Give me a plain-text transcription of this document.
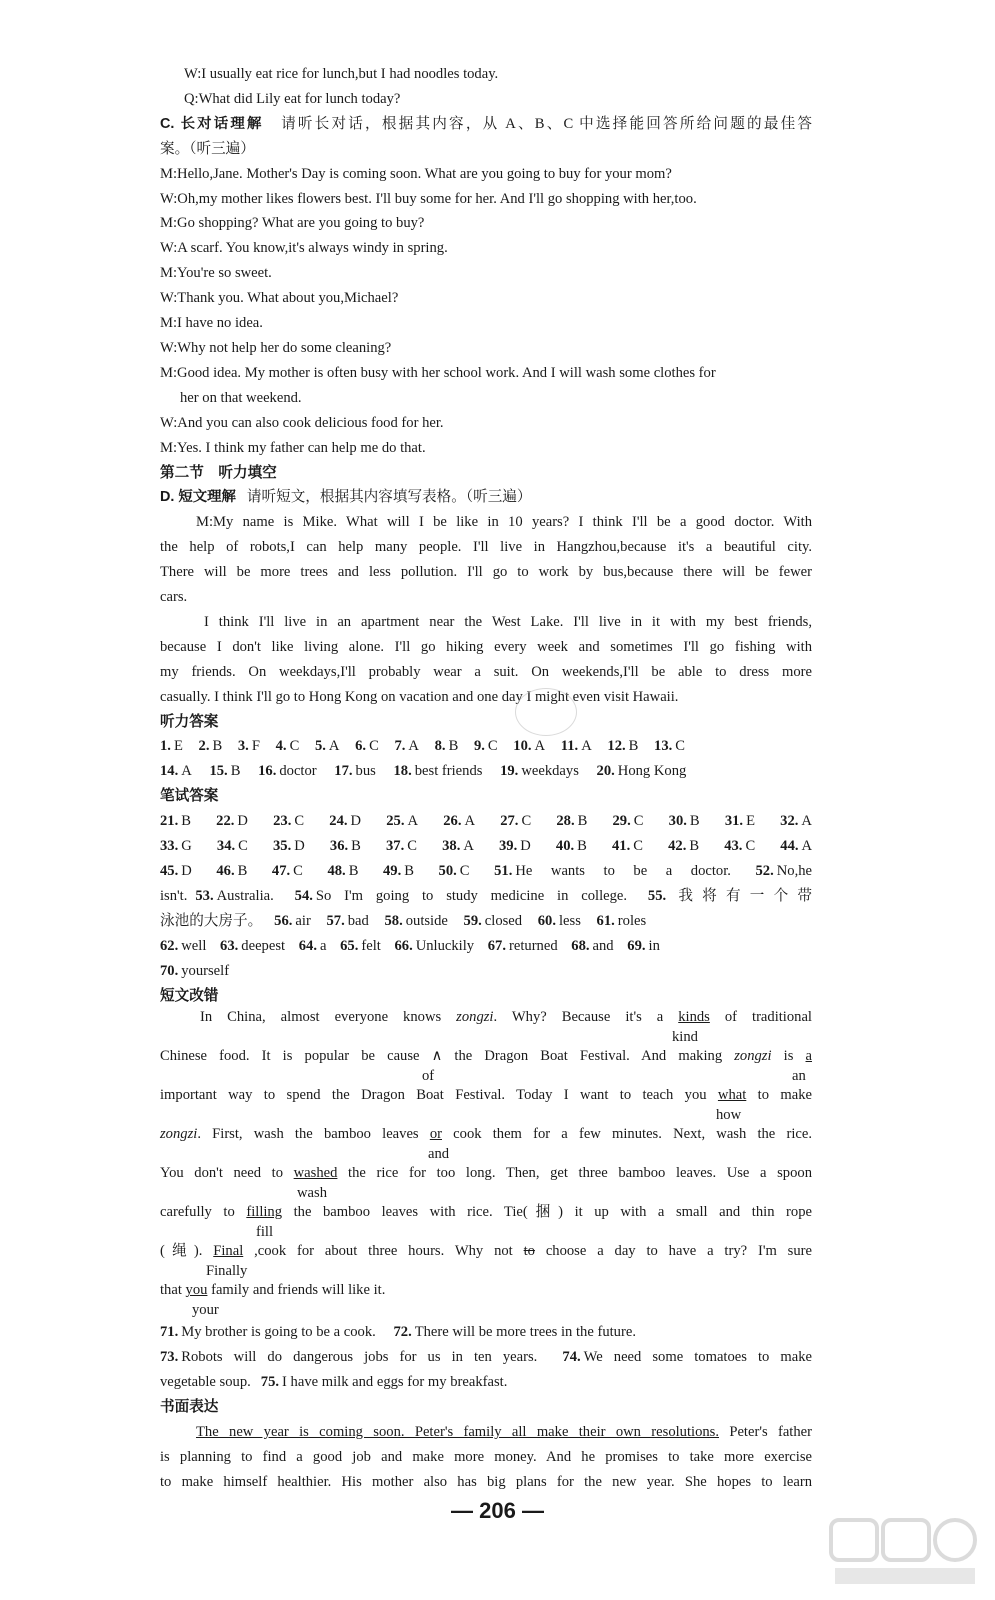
W:I usually eat rice for lunch,but I had noodles today.
Q:What did Lily eat for lunch today?
C. 长对话理解 请听长对话，根据其内容，从 A、B、C 中选择能回答所给问题的最佳答
案。（听三遍）
M:Hello,Jane. Mother's Day is coming soon. What are you going to buy for your mom?
W:Oh,my mother likes flowers best. I'll buy some for her. And I'll go shopping with her,too.
M:Go shopping? What are you going to buy?
W:A scarf. You know,it's always windy in spring.
M:You're so sweet.
W:Thank you. What about you,Michael?
M:I have no idea.
W:Why not help her do some cleaning?
M:Good idea. My mother is often busy with her school work. And I will wash some clothes for
her on that weekend.
W:And you can also cook delicious food for her.
M:Yes. I think my father can help me do that.
第二节　听力填空
D. 短文理解 请听短文，根据其内容填写表格。（听三遍）
M:My name is Mike. What will I be like in 10 years? I think I'll be a good doctor. With
the help of robots,I can help many people. I'll live in Hangzhou,because it's a beautiful city.
There will be more trees and less pollution. I'll go to work by bus,because there will be fewer
cars.
I think I'll live in an apartment near the West Lake. I'll live in it with my best friends,
because I don't like living alone. I'll go hiking every week and sometimes I'll go fishing with
my friends. On weekdays,I'll probably wear a suit. On weekends,I'll be able to dress more
casually. I think I'll go to Hong Kong on vacation and one day I might even visit Hawaii.
听力答案
1. E 2. B 3. F 4. C 5. A 6. C 7. A 8. B 9. C 10. A 11. A 12. B 13. C
14. A 15. B 16. doctor 17. bus 18. best friends 19. weekdays 20. Hong Kong
笔试答案
21. B 22. D 23. C 24. D 25. A 26. A 27. C 28. B 29. C 30. B 31. E 32. A
33. G 34. C 35. D 36. B 37. C 38. A 39. D 40. B 41. C 42. B 43. C 44. A
45. D 46. B 47. C 48. B 49. B 50. C 51. He wants to be a doctor. 52. No,he
isn't. 53. Australia. 54. So I'm going to study medicine in college. 55. 我将有一个带
泳池的大房子。 56. air 57. bad 58. outside 59. closed 60. less 61. roles
62. well 63. deepest 64. a 65. felt 66. Unluckily 67. returned 68. and 69. in
70. yourself
短文改错
In China, almost everyone knows zongzi. Why? Because it's a kinds of traditional
kind
Chinese food. It is popular be cause ∧ the Dragon Boat Festival. And making zongzi is a
of	an
important way to spend the Dragon Boat Festival. Today I want to teach you what to make
how
zongzi. First, wash the bamboo leaves or cook them for a few minutes. Next, wash the rice.
and
You don't need to washed the rice for too long. Then, get three bamboo leaves. Use a spoon
wash
carefully to filling the bamboo leaves with rice. Tie(捆) it up with a small and thin rope
fill
(绳). Final ,cook for about three hours. Why not to choose a day to have a try? I'm sure
Finally
that you family and friends will like it.
your
71. My brother is going to be a cook. 72. There will be more trees in the future.
73. Robots will do dangerous jobs for us in ten years. 74. We need some tomatoes to make
vegetable soup. 75. I have milk and eggs for my breakfast.
书面表达
The new year is coming soon. Peter's family all make their own resolutions. Peter's father
is planning to find a good job and make more money. And he promises to take more exercise
to make himself healthier. His mother also has big plans for the new year. She hopes to learn
— 206 —
